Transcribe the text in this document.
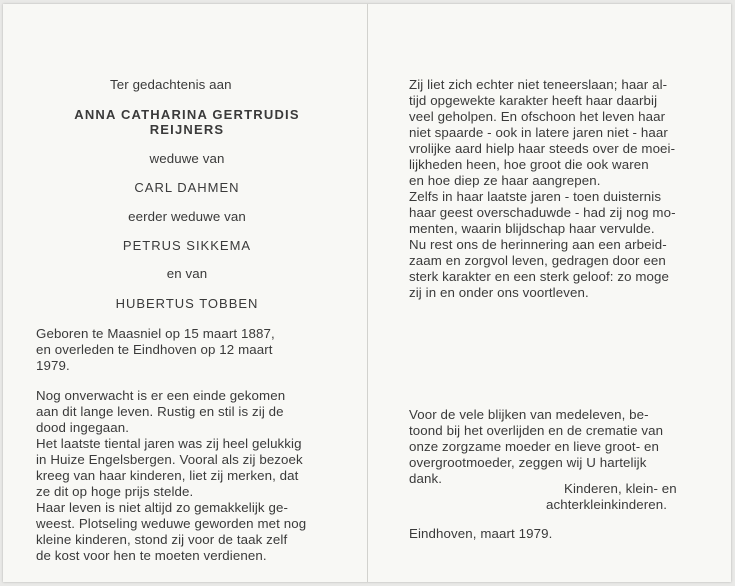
Ter gedachtenis aan
ANNA CATHARINA GERTRUDIS
REIJNERS
weduwe van
CARL DAHMEN
eerder weduwe van
PETRUS SIKKEMA
en van
HUBERTUS TOBBEN
Geboren te Maasniel op 15 maart 1887,
en overleden te Eindhoven op 12 maart
1979.
Nog onverwacht is er een einde gekomen
aan dit lange leven. Rustig en stil is zij de
dood ingegaan.
Het laatste tiental jaren was zij heel gelukkig
in Huize Engelsbergen. Vooral als zij bezoek
kreeg van haar kinderen, liet zij merken, dat
ze dit op hoge prijs stelde.
Haar leven is niet altijd zo gemakkelijk ge-
weest. Plotseling weduwe geworden met nog
kleine kinderen, stond zij voor de taak zelf
de kost voor hen te moeten verdienen.
Zij liet zich echter niet teneerslaan; haar al-
tijd opgewekte karakter heeft haar daarbij
veel geholpen. En ofschoon het leven haar
niet spaarde - ook in latere jaren niet - haar
vrolijke aard hielp haar steeds over de moei-
lijkheden heen, hoe groot die ook waren
en hoe diep ze haar aangrepen.
Zelfs in haar laatste jaren - toen duisternis
haar geest overschaduwde - had zij nog mo-
menten, waarin blijdschap haar vervulde.
Nu rest ons de herinnering aan een arbeid-
zaam en zorgvol leven, gedragen door een
sterk karakter en een sterk geloof: zo moge
zij in en onder ons voortleven.
Voor de vele blijken van medeleven, be-
toond bij het overlijden en de crematie van
onze zorgzame moeder en lieve groot- en
overgrootmoeder, zeggen wij U hartelijk
dank.
Kinderen, klein- en
achterkleinkinderen.
Eindhoven, maart 1979.
